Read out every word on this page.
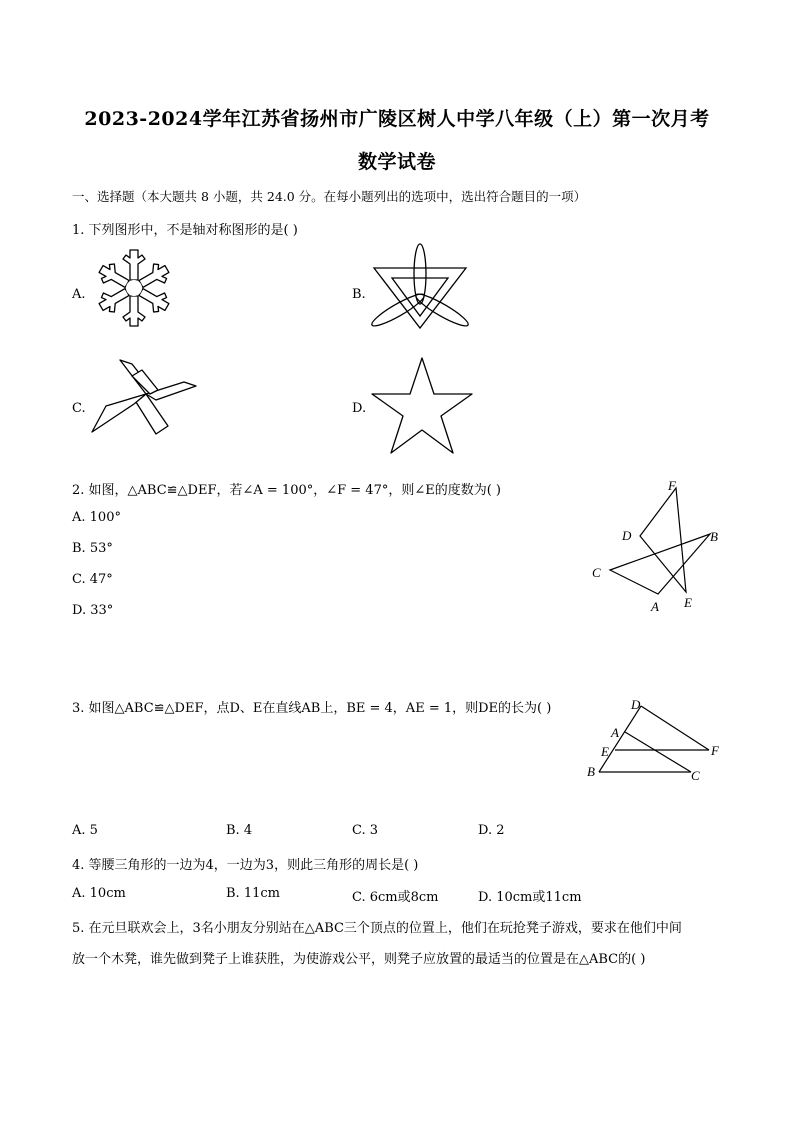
2023-2024学年江苏省扬州市广陵区树人中学八年级（上）第一次月考
数学试卷
一、选择题（本大题共 8 小题，共 24.0 分。在每小题列出的选项中，选出符合题目的一项）
1. 下列图形中，不是轴对称图形的是( )
A.	B.
C.	D.
2. 如图，△ABC≌△DEF，若∠A = 100°，∠F = 47°，则∠E的度数为( )
A. 100°
B. 53°
C. 47°
D. 33°
F
D	B
C
A E
3. 如图△ABC≌△DEF，点D、E在直线AB上，BE = 4，AE = 1，则DE的长为( )	D
A
E	F
B	C
A. 5	B. 4	C. 3	D. 2
4. 等腰三角形的一边为4，一边为3，则此三角形的周长是( )
A. 10cm	B. 11cm	C. 6cm或8cm	D. 10cm或11cm
5. 在元旦联欢会上，3名小朋友分别站在△ABC三个顶点的位置上，他们在玩抢凳子游戏，要求在他们中间
放一个木凳，谁先做到凳子上谁获胜，为使游戏公平，则凳子应放置的最适当的位置是在△ABC的( )
